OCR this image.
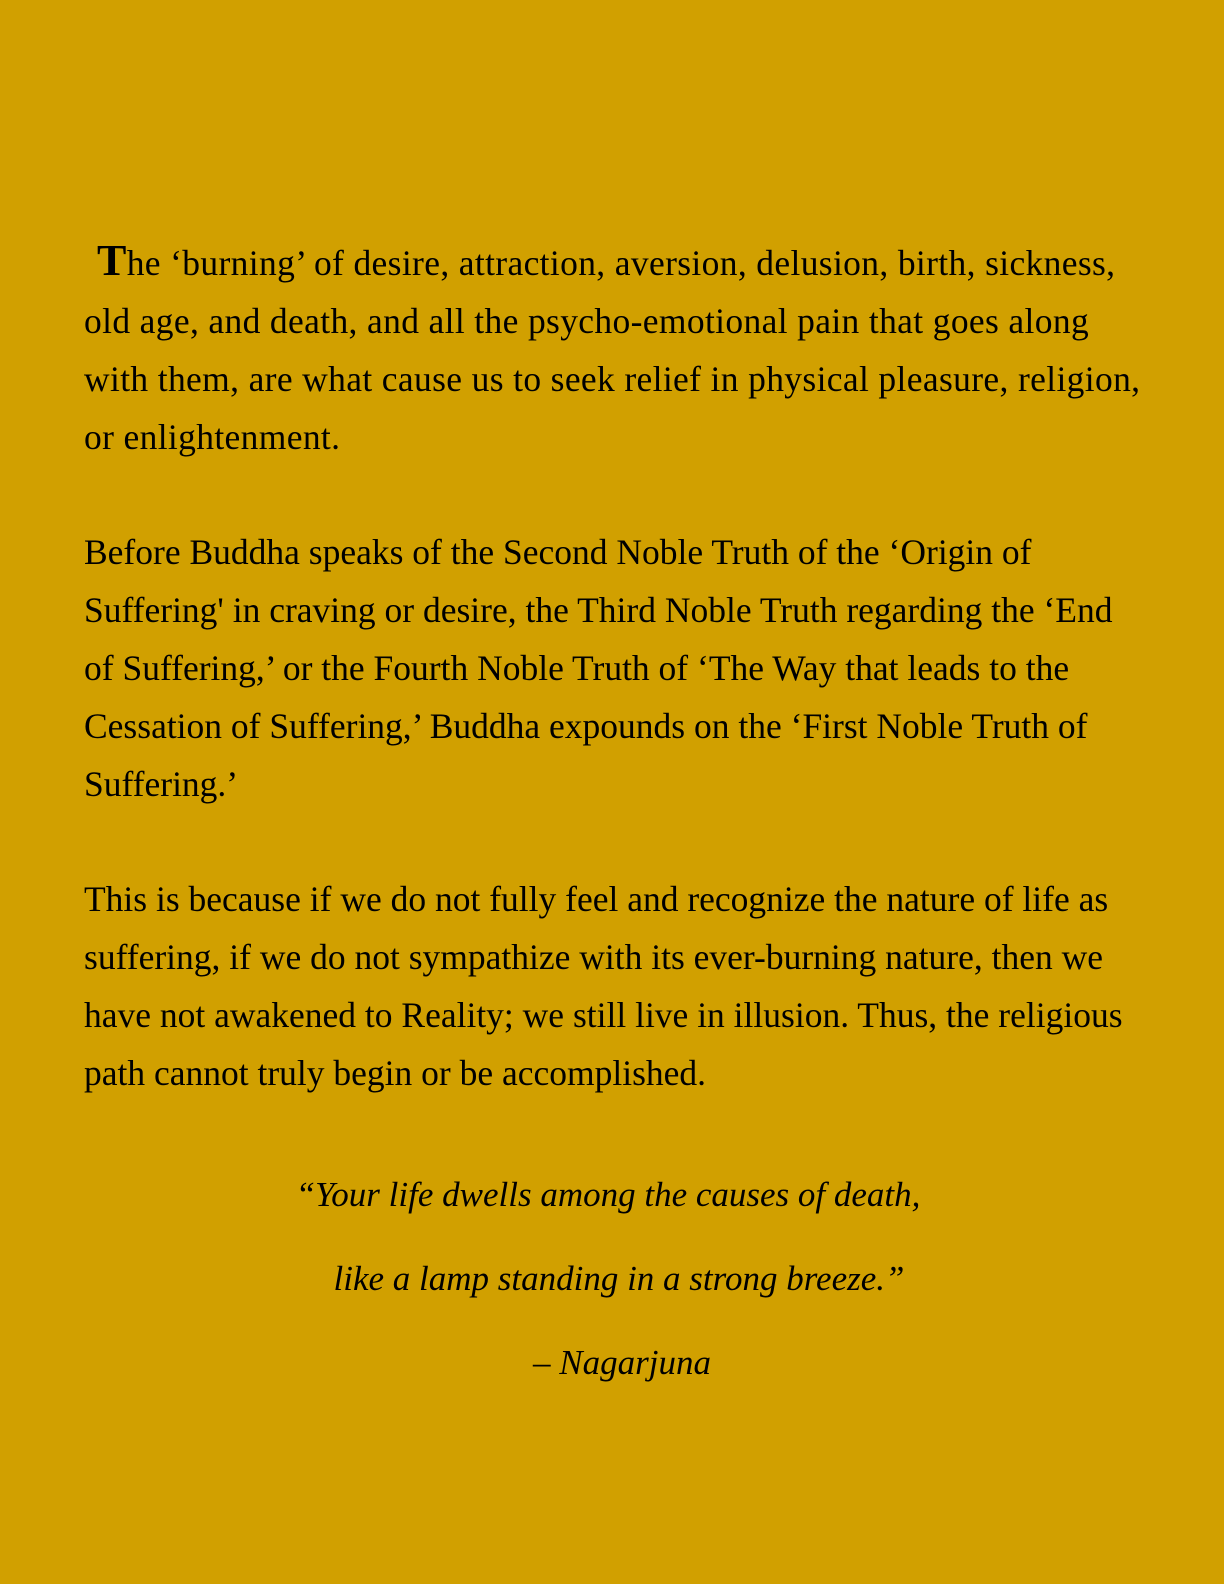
The ‘burning’ of desire, attraction, aversion, delusion, birth, sickness, old age, and death, and all the psycho-emotional pain that goes along with them, are what cause us to seek relief in physical pleasure, religion, or enlightenment.

Before Buddha speaks of the Second Noble Truth of the ‘Origin of Suffering' in craving or desire, the Third Noble Truth regarding the ‘End of Suffering,’ or the Fourth Noble Truth of ‘The Way that leads to the Cessation of Suffering,’ Buddha expounds on the ‘First Noble Truth of Suffering.’

This is because if we do not fully feel and recognize the nature of life as suffering, if we do not sympathize with its ever-burning nature, then we have not awakened to Reality; we still live in illusion. Thus, the religious path cannot truly begin or be accomplished.

“Your life dwells among the causes of death,

like a lamp standing in a strong breeze.”

– Nagarjuna
